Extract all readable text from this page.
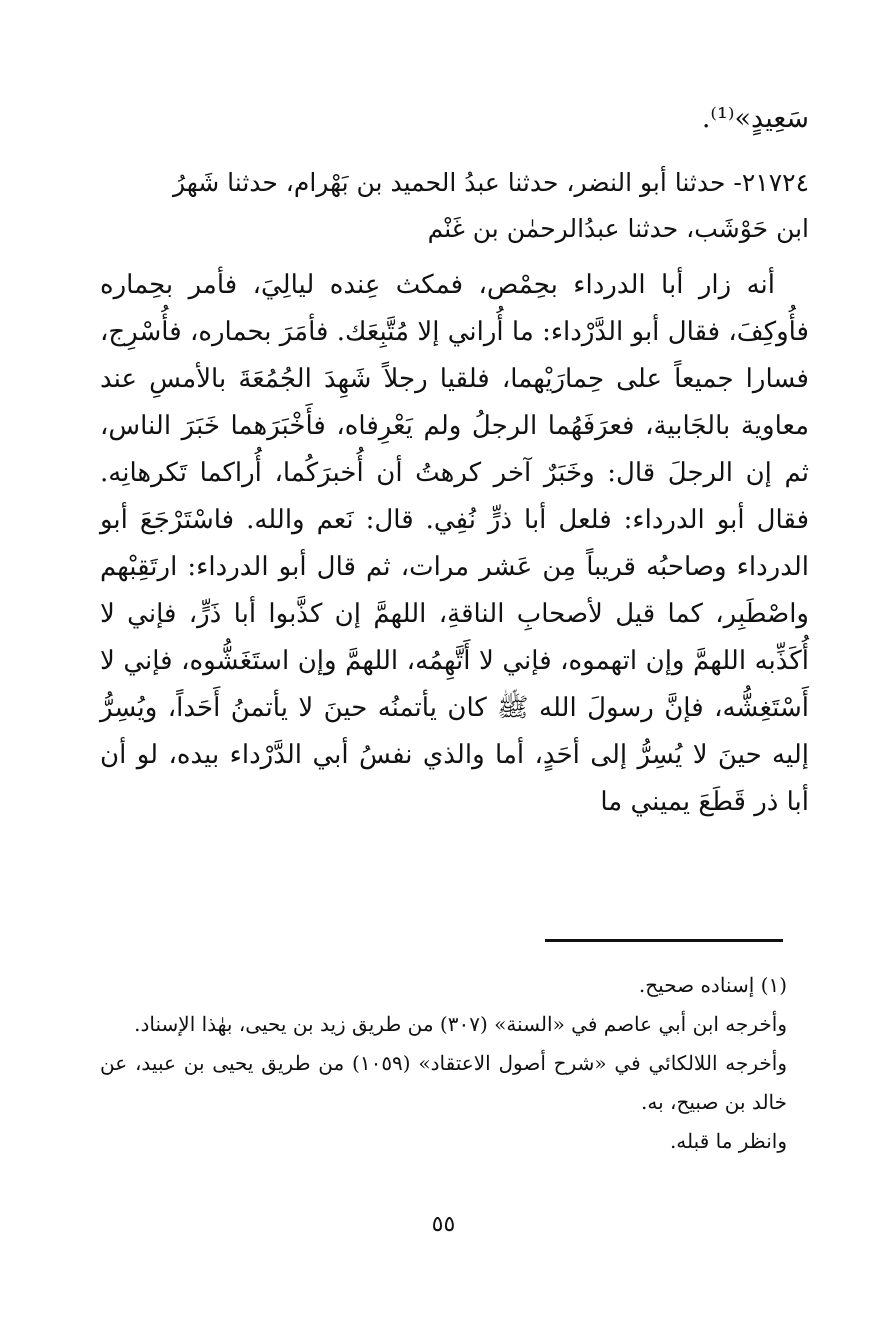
سَعِيدٍ»⁽¹⁾.

٢١٧٢٤- حدثنا أبو النضر، حدثنا عبدُ الحميد بن بَهْرام، حدثنا شَهرُ

ابن حَوْشَب، حدثنا عبدُالرحمٰن بن غَنْم

أنه زار أبا الدرداء بحِمْص، فمكث عِنده ليالِيَ، فأمر بحِماره فأُوكِفَ، فقال أبو الدَّرْداء: ما أُراني إلا مُتَّبِعَك. فأمَرَ بحماره، فأُسْرِج، فسارا جميعاً على حِمارَيْهما، فلقيا رجلاً شَهِدَ الجُمُعَةَ بالأمسِ عند معاوية بالجَابية، فعرَفَهُما الرجلُ ولم يَعْرِفاه، فأَخْبَرَهما خَبَرَ الناس، ثم إن الرجلَ قال: وخَبَرٌ آخر كرهتُ أن أُخبرَكُما، أُراكما تَكرهانِه. فقال أبو الدرداء: فلعل أبا ذرٍّ نُفِي. قال: نَعم والله. فاسْتَرْجَعَ أبو الدرداء وصاحبُه قريباً مِن عَشر مرات، ثم قال أبو الدرداء: ارتَقِبْهم واصْطَبِر، كما قيل لأصحابِ الناقةِ، اللهمَّ إن كذَّبوا أبا ذَرٍّ، فإني لا أُكَذِّبه اللهمَّ وإن اتهموه، فإني لا أَتَّهِمُه، اللهمَّ وإن استَغَشُّوه، فإني لا أَسْتَغِشُّه، فإنَّ رسولَ الله ﷺ كان يأتمنُه حينَ لا يأتمنُ أَحَداً، ويُسِرُّ إليه حينَ لا يُسِرُّ إلى أحَدٍ، أما والذي نفسُ أبي الدَّرْداء بيده، لو أن أبا ذر قَطَعَ يميني ما

(١) إسناده صحيح.

وأخرجه ابن أبي عاصم في «السنة» (٣٠٧) من طريق زيد بن يحيى، بهٰذا الإسناد.

وأخرجه اللالكائي في «شرح أصول الاعتقاد» (١٠٥٩) من طريق يحيى بن عبيد، عن خالد بن صبيح، به.

وانظر ما قبله.

٥٥
